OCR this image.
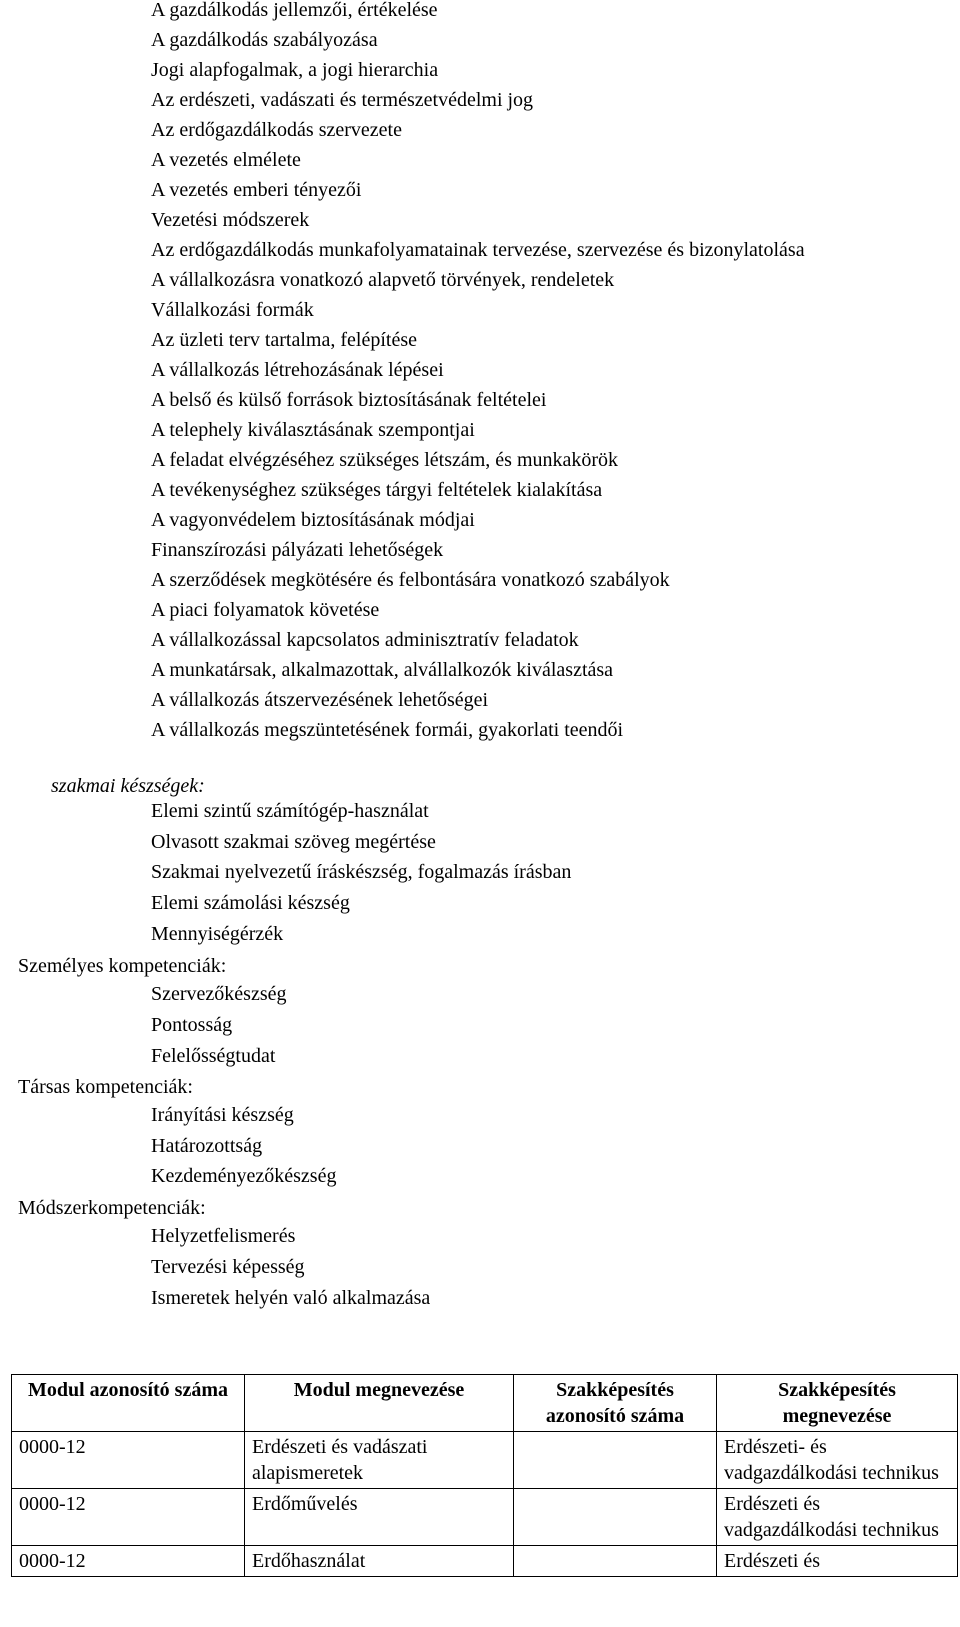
A gazdálkodás jellemzői, értékelése
A gazdálkodás szabályozása
Jogi alapfogalmak, a jogi hierarchia
Az erdészeti, vadászati és természetvédelmi jog
Az erdőgazdálkodás szervezete
A vezetés elmélete
A vezetés emberi tényezői
Vezetési módszerek
Az erdőgazdálkodás munkafolyamatainak tervezése, szervezése és bizonylatolása
A vállalkozásra vonatkozó alapvető törvények, rendeletek
Vállalkozási formák
Az üzleti terv tartalma, felépítése
A vállalkozás létrehozásának lépései
A belső és külső források biztosításának feltételei
A telephely kiválasztásának szempontjai
A feladat elvégzéséhez szükséges létszám, és munkakörök
A tevékenységhez szükséges tárgyi feltételek kialakítása
A vagyonvédelem biztosításának módjai
Finanszírozási pályázati lehetőségek
A szerződések megkötésére és felbontására vonatkozó szabályok
A piaci folyamatok követése
A vállalkozással kapcsolatos adminisztratív feladatok
A munkatársak, alkalmazottak, alvállalkozók kiválasztása
A vállalkozás átszervezésének lehetőségei
A vállalkozás megszüntetésének formái, gyakorlati teendői
szakmai készségek:
Elemi szintű számítógép-használat
Olvasott szakmai szöveg megértése
Szakmai nyelvezetű íráskészség, fogalmazás írásban
Elemi számolási készség
Mennyiségérzék
Személyes kompetenciák:
Szervezőkészség
Pontosság
Felelősségtudat
Társas kompetenciák:
Irányítási készség
Határozottság
Kezdeményezőkészség
Módszerkompetenciák:
Helyzetfelismerés
Tervezési képesség
Ismeretek helyén való alkalmazása
Modul azonosító száma	Modul megnevezése	Szakképesítés azonosító száma	Szakképesítés megnevezése
0000-12	Erdészeti és vadászati alapismeretek		Erdészeti- és vadgazdálkodási technikus
0000-12	Erdőművelés		Erdészeti és vadgazdálkodási technikus
0000-12	Erdőhasználat		Erdészeti és
